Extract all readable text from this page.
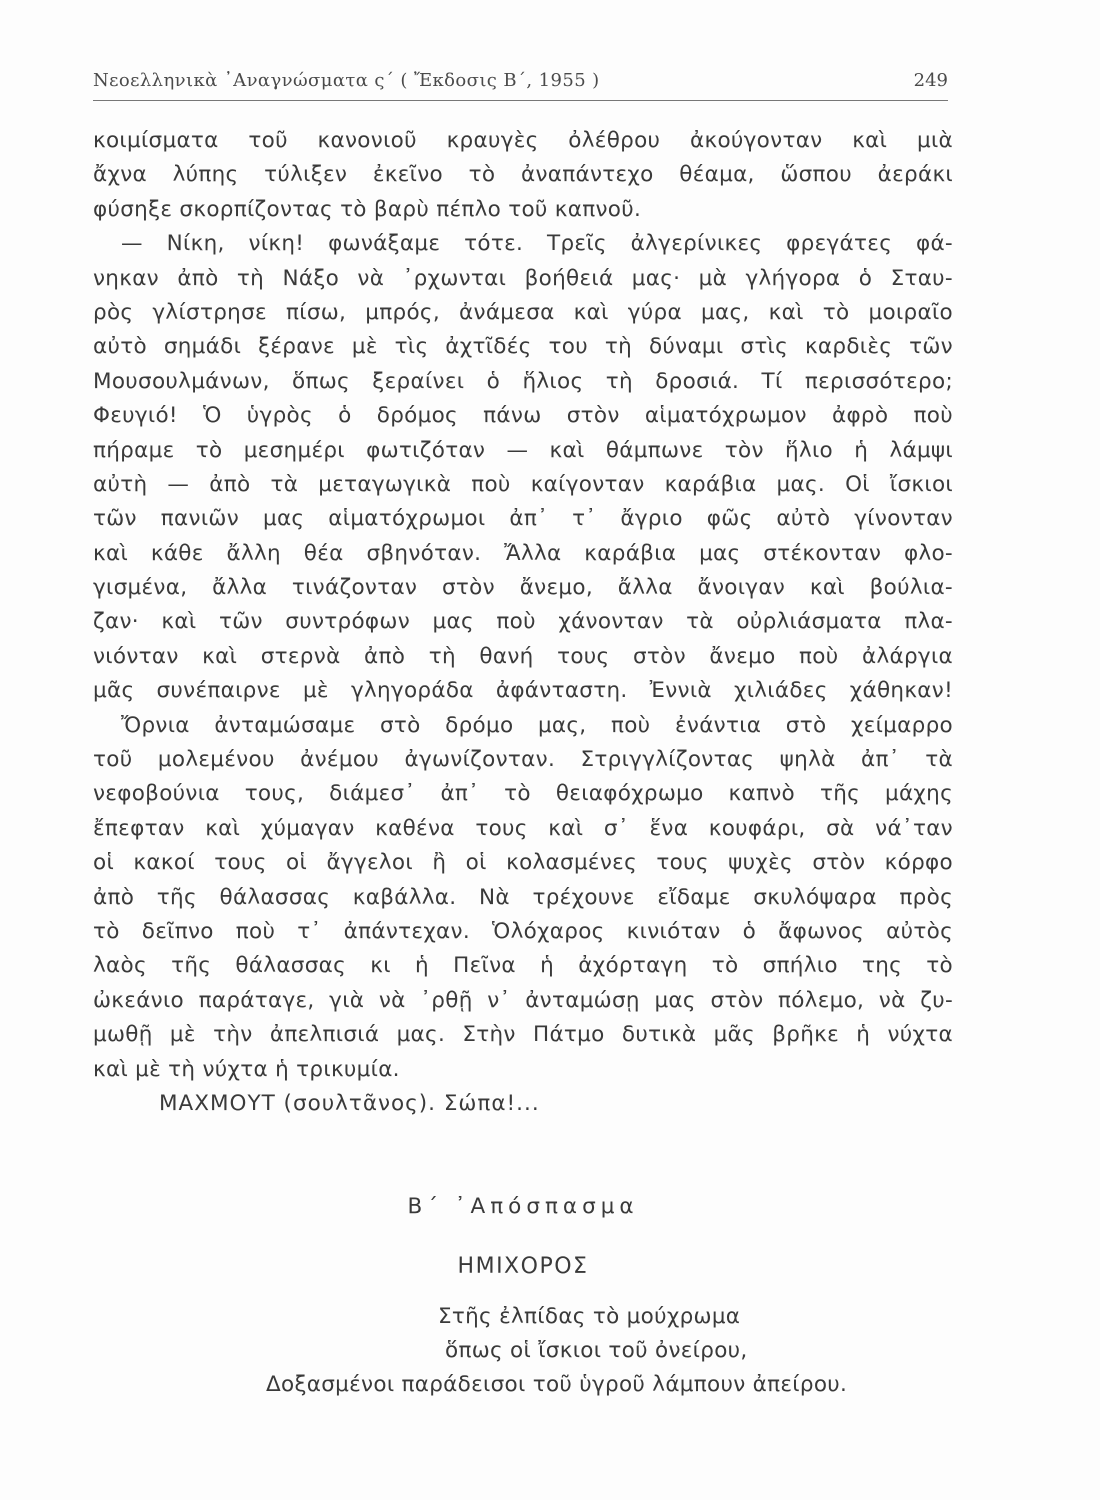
Νεοελληνικὰ ᾿Αναγνώσματα ς΄ ( Ἔκδοσις Β΄, 1955 )	249
κοιμίσματα τοῦ κανονιοῦ κραυγὲς ὀλέθρου ἀκούγονταν καὶ μιὰ
ἄχνα λύπης τύλιξεν ἐκεῖνο τὸ ἀναπάντεχο θέαμα, ὥσπου ἀεράκι
φύσηξε σκορπίζοντας τὸ βαρὺ πέπλο τοῦ καπνοῦ.
— Νίκη, νίκη! φωνάξαμε τότε. Τρεῖς ἀλγερίνικες φρεγάτες φά-
νηκαν ἀπὸ τὴ Νάξο νὰ ᾿ρχωνται βοήθειά μας· μὰ γλήγορα ὁ Σταυ-
ρὸς γλίστρησε πίσω, μπρός, ἀνάμεσα καὶ γύρα μας, καὶ τὸ μοιραῖο
αὐτὸ σημάδι ξέρανε μὲ τὶς ἀχτῖδές του τὴ δύναμι στὶς καρδιὲς τῶν
Μουσουλμάνων, ὅπως ξεραίνει ὁ ἥλιος τὴ δροσιά. Τί περισσότερο;
Φευγιό! Ὁ ὑγρὸς ὁ δρόμος πάνω στὸν αἱματόχρωμον ἀφρὸ ποὺ
πήραμε τὸ μεσημέρι φωτιζόταν — καὶ θάμπωνε τὸν ἥλιο ἡ λάμψι
αὐτὴ — ἀπὸ τὰ μεταγωγικὰ ποὺ καίγονταν καράβια μας. Οἱ ἴσκιοι
τῶν πανιῶν μας αἱματόχρωμοι ἀπ᾿ τ᾿ ἄγριο φῶς αὐτὸ γίνονταν
καὶ κάθε ἄλλη θέα σβηνόταν. Ἄλλα καράβια μας στέκονταν φλο-
γισμένα, ἄλλα τινάζονταν στὸν ἄνεμο, ἄλλα ἄνοιγαν καὶ βούλια-
ζαν· καὶ τῶν συντρόφων μας ποὺ χάνονταν τὰ οὐρλιάσματα πλα-
νιόνταν καὶ στερνὰ ἀπὸ τὴ θανή τους στὸν ἄνεμο ποὺ ἀλάργια
μᾶς συνέπαιρνε μὲ γληγοράδα ἀφάνταστη. Ἐννιὰ χιλιάδες χάθηκαν!
Ὄρνια ἀνταμώσαμε στὸ δρόμο μας, ποὺ ἐνάντια στὸ χείμαρρο
τοῦ μολεμένου ἀνέμου ἀγωνίζονταν. Στριγγλίζοντας ψηλὰ ἀπ᾿ τὰ
νεφοβούνια τους, διάμεσ᾿ ἀπ᾿ τὸ θειαφόχρωμο καπνὸ τῆς μάχης
ἔπεφταν καὶ χύμαγαν καθένα τους καὶ σ᾿ ἕνα κουφάρι, σὰ νά᾿ταν
οἱ κακοί τους οἱ ἄγγελοι ἢ οἱ κολασμένες τους ψυχὲς στὸν κόρφο
ἀπὸ τῆς θάλασσας καβάλλα. Νὰ τρέχουνε εἴδαμε σκυλόψαρα πρὸς
τὸ δεῖπνο ποὺ τ᾿ ἀπάντεχαν. Ὁλόχαρος κινιόταν ὁ ἄφωνος αὐτὸς
λαὸς τῆς θάλασσας κι ἡ Πεῖνα ἡ ἀχόρταγη τὸ σπήλιο της τὸ
ὠκεάνιο παράταγε, γιὰ νὰ ᾿ρθῇ ν᾿ ἀνταμώσῃ μας στὸν πόλεμο, νὰ ζυ-
μωθῇ μὲ τὴν ἀπελπισιά μας. Στὴν Πάτμο δυτικὰ μᾶς βρῆκε ἡ νύχτα
καὶ μὲ τὴ νύχτα ἡ τρικυμία.
ΜΑΧΜΟΥΤ (σουλτᾶνος). Σώπα!...
Β΄ ᾿Απόσπασμα
ΗΜΙΧΟΡΟΣ
Στῆς ἐλπίδας τὸ μούχρωμα
ὅπως οἱ ἴσκιοι τοῦ ὀνείρου,
Δοξασμένοι παράδεισοι τοῦ ὑγροῦ λάμπουν ἀπείρου.
